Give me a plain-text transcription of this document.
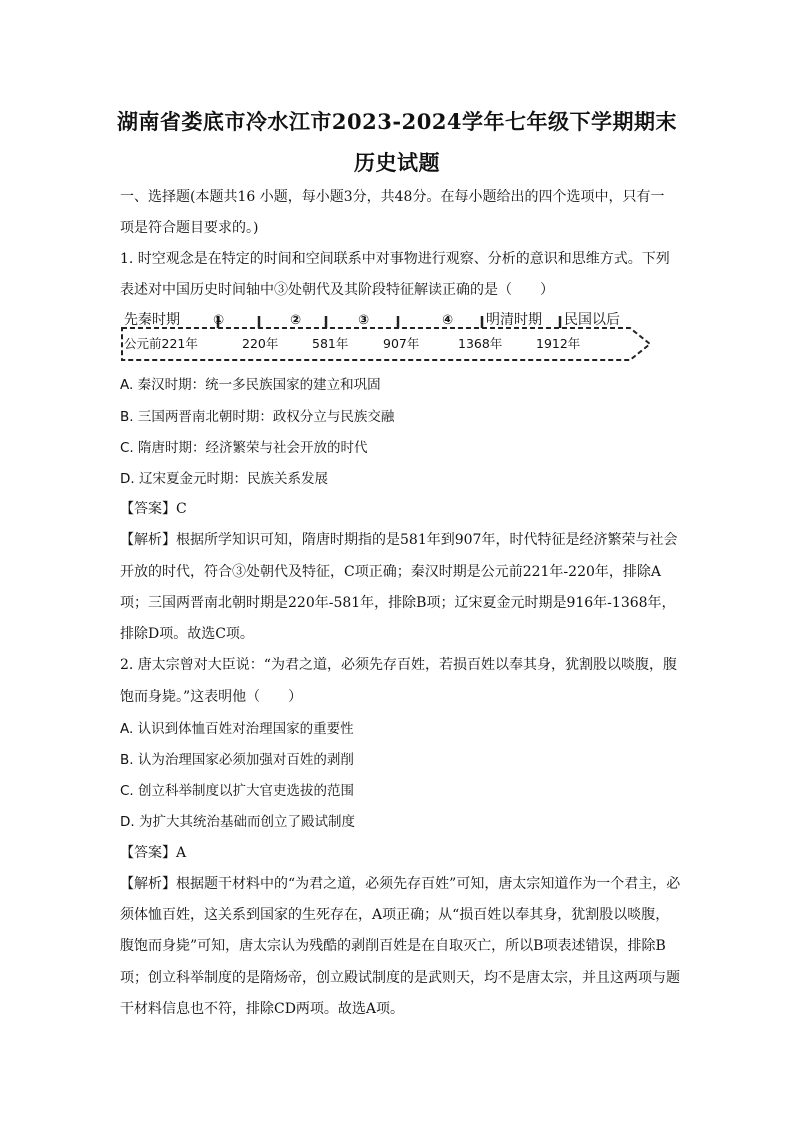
湖南省娄底市冷水江市2023-2024学年七年级下学期期末
历史试题
一、选择题(本题共16 小题，每小题3分，共48分。在每小题给出的四个选项中，只有一
项是符合题目要求的。)
1. 时空观念是在特定的时间和空间联系中对事物进行观察、分析的意识和思维方式。下列
表述对中国历史时间轴中③处朝代及其阶段特征解读正确的是（　　）
先秦时期	①	②	③	④ 明清时期 民国以后
公元前221年	220年	581年	907年	1368年	1912年
A. 秦汉时期：统一多民族国家的建立和巩固
B. 三国两晋南北朝时期：政权分立与民族交融
C. 隋唐时期：经济繁荣与社会开放的时代
D. 辽宋夏金元时期：民族关系发展
【答案】C
【解析】根据所学知识可知，隋唐时期指的是581年到907年，时代特征是经济繁荣与社会
开放的时代，符合③处朝代及特征，C项正确；秦汉时期是公元前221年-220年，排除A
项；三国两晋南北朝时期是220年-581年，排除B项；辽宋夏金元时期是916年-1368年，
排除D项。故选C项。
2. 唐太宗曾对大臣说：“为君之道，必须先存百姓，若损百姓以奉其身，犹割股以啖腹，腹
饱而身毙。”这表明他（　　）
A. 认识到体恤百姓对治理国家的重要性
B. 认为治理国家必须加强对百姓的剥削
C. 创立科举制度以扩大官吏选拔的范围
D. 为扩大其统治基础而创立了殿试制度
【答案】A
【解析】根据题干材料中的“为君之道，必须先存百姓”可知，唐太宗知道作为一个君主，必
须体恤百姓，这关系到国家的生死存在，A项正确；从“损百姓以奉其身，犹割股以啖腹，
腹饱而身毙”可知，唐太宗认为残酷的剥削百姓是在自取灭亡，所以B项表述错误，排除B
项；创立科举制度的是隋炀帝，创立殿试制度的是武则天，均不是唐太宗，并且这两项与题
干材料信息也不符，排除CD两项。故选A项。
